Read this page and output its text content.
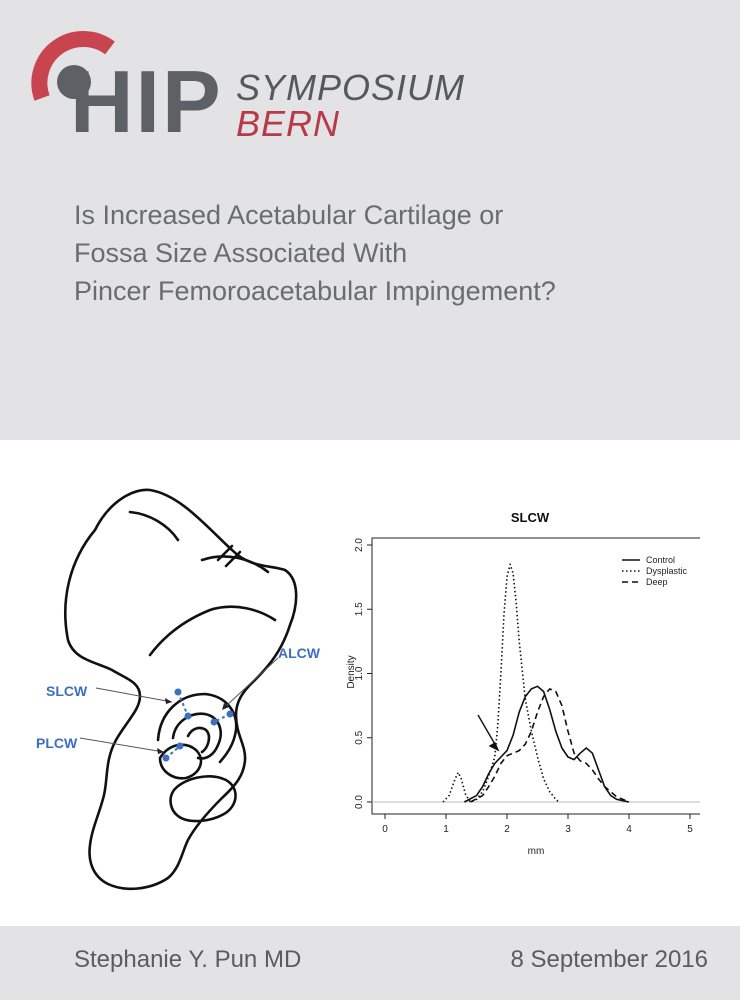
HIP SYMPOSIUM
BERN
Is Increased Acetabular Cartilage or
Fossa Size Associated With
Pincer Femoroacetabular Impingement?
SLCW
PLCW
ALCW
SLCW
0	1	2	3	4	5
0.0
0.5
1.0
1.5
2.0
Control
Dysplastic
Deep
mm
Density
Stephanie Y. Pun MD	8 September 2016
